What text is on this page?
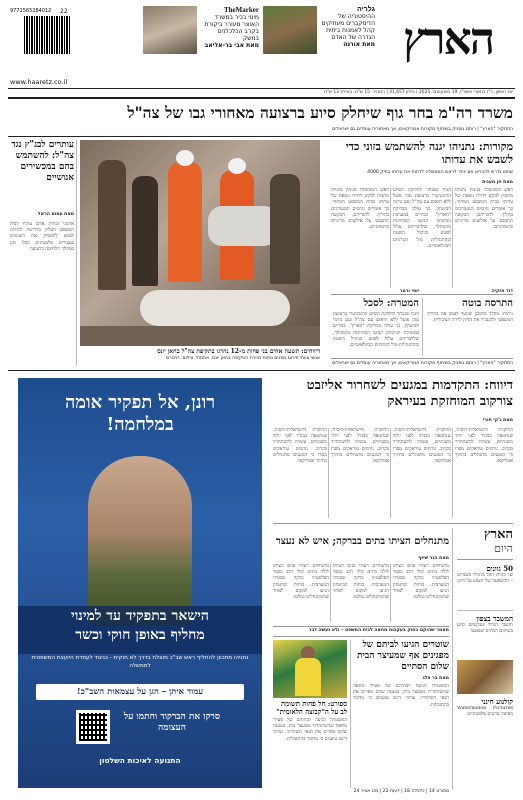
הארץ
גלריה
ההיסטוריה של הדיסקברים מעתיקים קהל לאמנות ביתית הגדרה של האדם
מאת אורנה
TheMarker
מינוי בכיר במשרד האוצר מעורר ביקורת בקרב הכלכלנים במשק
מאת אבי בר-אליאב
9771565284012	22
www.haaretz.co.il
יום ראשון, כ"ז בתשרי תשפ"ו, 19 באוקטובר 2025 | גיליון 31,657 | המחיר: 15 ש"ח, באילת 13 ש"ח
משרד רה"מ בחר גוף שיחלק סיוע ברצועה מאחורי גבו של צה"ל
התחקיר "הארץ" | רותם גופניק בשיתוף מקורות אמריקאים, אך מאחוריה עומדים גם ישראלים
מקורות: נתניהו יגנה להשתמש בזוני כדי לשבש את עדותו
שופט נדרש להכריע אם יותר לראש הממשלה לדחות את עדותו בתיק 4000
מאת חן מענית
ראש הממשלה בנימין נתניהו מתכוון לבקש דחייה נוספת של עדותו בבית המשפט המחוזי, כך אומרים גורמים המעורבים בהליך. לדבריהם, הבקשה תתבסס על אילוצים מדיניים וביטחוניים.
הגוף שנבחר לחלוקת הסיוע ההומניטרי ברצועת עזה פועל ללא תיאום עם צה"ל ועם גורמי הביטחון, כך עולה מבדיקת "הארץ". בכירים במערכת הביטחון הביעו הסתייגות מהמהלך, שלדבריהם עלול לפגוע בניהול השטח ובהתנהלות מול הגורמים הבינלאומיים.
ראש הממשלה בנימין נתניהו מתכוון לבקש דחייה נוספת של עדותו בבית המשפט המחוזי, כך אומרים גורמים המעורבים בהליך. לדבריהם, הבקשה תתבסס על אילוצים מדיניים וביטחוניים.
התרסה בוטה
המטרה: לסכל
דוד חזקיה
יוסי ורטר
ניתוח: מהלך מתוכנן שנועד לעכב את ההליך המשפטי ולהעביר את הדיון לזירה הציבורית.
הגוף שנבחר לחלוקת הסיוע ההומניטרי ברצועת עזה פועל ללא תיאום עם צה"ל ועם גורמי הביטחון, כך עולה מבדיקת "הארץ". בכירים במערכת הביטחון הביעו הסתייגות מהמהלך, שלדבריהם עלול לפגוע בניהול השטח ובהתנהלות מול הגורמים הבינלאומיים.
התחקיר "הארץ" | רותם גופניק בשיתוף מקורות אמריקאים, אך מאחוריה עומדים גם ישראלים
דיווחים: תשעה אחים בני פחות מ-12 נהרגו בתקיפת צה"ל בחאן יונס
אנשי צוותי חירום מפנים גופות מזירת התקיפה בחאן יונס, אתמול. צילום: רויטרס
עותרים לבג"ץ נגד צה"ל: להשתמש בהם במכשירים אנושיים
מאת עמוס הראל
ארגוני זכויות אדם עתרו לבית המשפט העליון בדרישה להורות לצבא להפסיק את השימוש בעצורים פלסטינים ככלי מגן במהלך הלחימה ברצועה.
רונן, אל תפקיר אומה במלחמה!
הישאר בתפקיד עד למינוי
מחליף באופן חוקי וכשר
נתניהו מתכוון להחליף ראש שב"כ מוצלח בדרך לא חוקית - בניגוד לעמדת היועצת המשפטית לממשלה
עמוד איתן – הגן על עצמאות השב"כ!
סרקו את הברקוד וחתמו על העצומה
התנועה לאיכות השלטון
דיווח: התקדמות במגעים לשחרור אליזבט צורקוב המוחזקת בעיראק
מאת ג'קי חורי
החוקרת הישראלית-רוסית, שנחטפה בבגדד לפני יותר משנתיים, עשויה להשתחרר בקרוב. גורמים עיראקים מסרו כי המגעים מתנהלים בתיווך אמריקאי.
החוקרת הישראלית-רוסית, שנחטפה בבגדד לפני יותר משנתיים, עשויה להשתחרר בקרוב. גורמים עיראקים מסרו כי המגעים מתנהלים בתיווך אמריקאי.
החוקרת הישראלית-רוסית, שנחטפה בבגדד לפני יותר משנתיים, עשויה להשתחרר בקרוב. גורמים עיראקים מסרו כי המגעים מתנהלים בתיווך אמריקאי.
החוקרת הישראלית-רוסית, שנחטפה בבגדד לפני יותר משנתיים, עשויה להשתחרר בקרוב. גורמים עיראקים מסרו כי המגעים מתנהלים בתיווך אמריקאי.
הארץ
היום
50 גוונים
של כחול: הכל מתחיל בשמיים – ההשפעה של הצבע על חיינו
המשבר בצפון
תושבי הגליל מבקשים סיוע בשיקום הבתים שנפגעו
קולנוע חינני
Watermelon Pictures מפיצה סרטים פלסטיניים
מתנחלים הציתו בתים בברקה; איש לא נעצר
מאת הגר שיזף
מתנחלים רעולי פנים הציתו לילה בתים וכלי רכב בכפר הפלסטיני ברקה שבגדה המערבית. כוחות הביטחון הגיעו למקום לאחר שהמתנחלים נמלטו.
מתנחלים רעולי פנים הציתו לילה בתים וכלי רכב בכפר הפלסטיני ברקה שבגדה המערבית. כוחות הביטחון הגיעו למקום לאחר שהמתנחלים נמלטו.
מתנחלים רעולי פנים הציתו לילה בתים וכלי רכב בכפר הפלסטיני ברקה שבגדה המערבית. כוחות הביטחון הגיעו למקום לאחר שהמתנחלים נמלטו.
מאמר שהוקם בחוק בעקבות מחאה לבית המשפט – ולא נעשה דבר
שוטרים הגיעו לביתם של מפגינים אף שמעיצר הבית שלום הסתיים
מאת בר פלג
המשטרה הגיעה לבתיהם של פעילי מחאה שהשתחררו ממעצר בית, בטענה שהם מפרים את תנאי השחרור. עורכי דינם טוענים כי מדובר בהתנכלות.
ספורט: חל פחות תשומת לב על ה"קבוצה הלאומית"
המשטרה הגיעה לבתיהם של פעילי מחאה שהשתחררו ממעצר בית, בטענה שהם מפרים את תנאי השחרור. עורכי דינם טוענים כי מדובר בהתנכלות.
ספורט 14 | כלכלה 18 | דעות 22 | מזג אוויר 24
